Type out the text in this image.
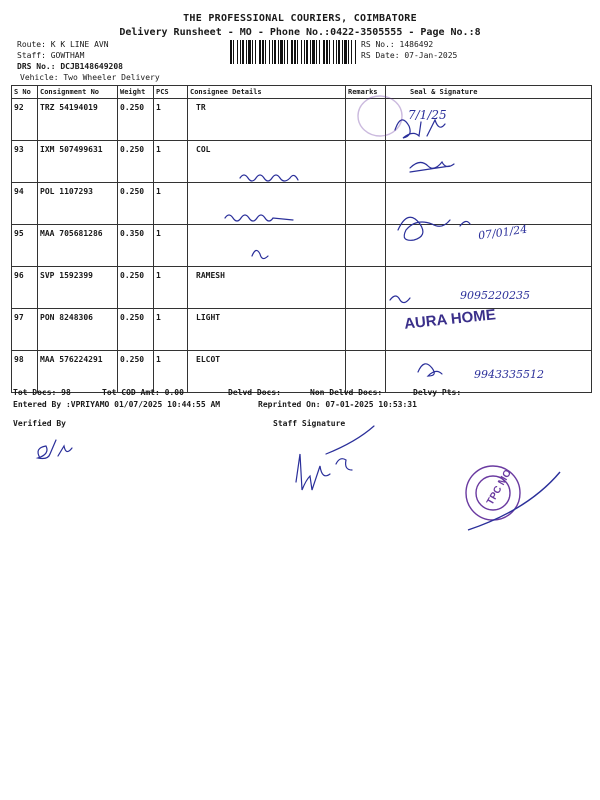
THE PROFESSIONAL COURIERS, COIMBATORE
Delivery Runsheet - MO - Phone No.:0422-3505555 - Page No.:8
Route: K K LINE AVN
Staff: GOWTHAM
DRS No.: DCJB148649208
Vehicle: Two Wheeler Delivery
RS No.: 1486492
RS Date: 07-Jan-2025
S No	Consignment No	Weight	PCS	Consignee Details	Remarks	Seal & Signature
92	TRZ 54194019	0.250	1	TR		
93	IXM 507499631	0.250	1	COL		
94	POL 1107293	0.250	1			
95	MAA 705681286	0.350	1			
96	SVP 1592399	0.250	1	RAMESH		
97	PON 8248306	0.250	1	LIGHT		
98	MAA 576224291	0.250	1	ELCOT		
7/1/25
07/01/24
9095220235
9943335512
AURA HOME
TPC MO
Tot Docs: 98	Tot COD Amt: 0.00	Delvd Docs:	Non Delvd Docs:	Delvy Pts:
Entered By :VPRIYAMO 01/07/2025 10:44:55 AM	Reprinted On: 07-01-2025 10:53:31
Verified By	Staff Signature
